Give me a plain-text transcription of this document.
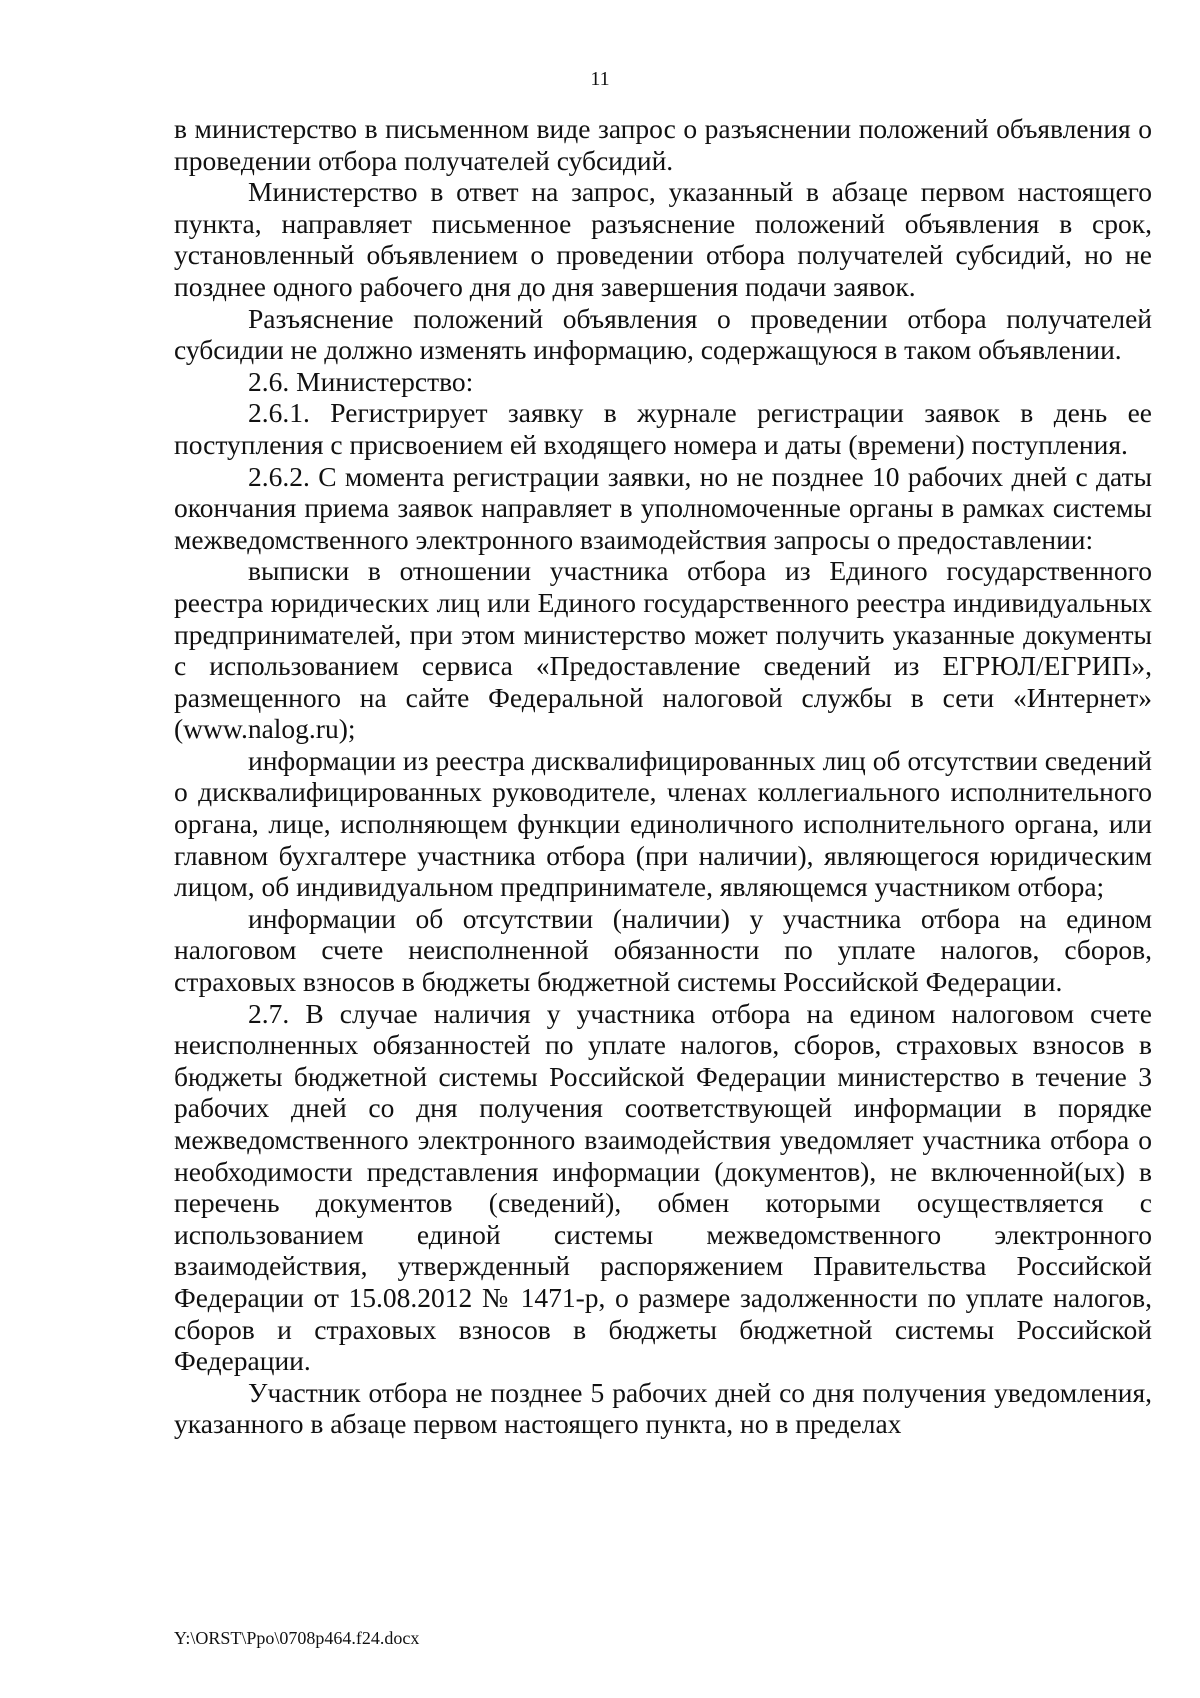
11

в министерство в письменном виде запрос о разъяснении положений объявления о проведении отбора получателей субсидий.

Министерство в ответ на запрос, указанный в абзаце первом настоящего пункта, направляет письменное разъяснение положений объявления в срок, установленный объявлением о проведении отбора получателей субсидий, но не позднее одного рабочего дня до дня завершения подачи заявок.

Разъяснение положений объявления о проведении отбора получателей субсидии не должно изменять информацию, содержащуюся в таком объявлении.

2.6. Министерство:

2.6.1. Регистрирует заявку в журнале регистрации заявок в день ее поступления с присвоением ей входящего номера и даты (времени) поступления.

2.6.2. С момента регистрации заявки, но не позднее 10 рабочих дней с даты окончания приема заявок направляет в уполномоченные органы в рамках системы межведомственного электронного взаимодействия запросы о предоставлении:

выписки в отношении участника отбора из Единого государственного реестра юридических лиц или Единого государственного реестра индивидуальных предпринимателей, при этом министерство может получить указанные документы с использованием сервиса «Предоставление сведений из ЕГРЮЛ/ЕГРИП», размещенного на сайте Федеральной налоговой службы в сети «Интернет» (www.nalog.ru);

информации из реестра дисквалифицированных лиц об отсутствии сведений о дисквалифицированных руководителе, членах коллегиального исполнительного органа, лице, исполняющем функции единоличного исполнительного органа, или главном бухгалтере участника отбора (при наличии), являющегося юридическим лицом, об индивидуальном предпринимателе, являющемся участником отбора;

информации об отсутствии (наличии) у участника отбора на едином налоговом счете неисполненной обязанности по уплате налогов, сборов, страховых взносов в бюджеты бюджетной системы Российской Федерации.

2.7. В случае наличия у участника отбора на едином налоговом счете неисполненных обязанностей по уплате налогов, сборов, страховых взносов в бюджеты бюджетной системы Российской Федерации министерство в течение 3 рабочих дней со дня получения соответствующей информации в порядке межведомственного электронного взаимодействия уведомляет участника отбора о необходимости представления информации (документов), не включенной(ых) в перечень документов (сведений), обмен которыми осуществляется с использованием единой системы межведомственного электронного взаимодействия, утвержденный распоряжением Правительства Российской Федерации от 15.08.2012 № 1471-р, о размере задолженности по уплате налогов, сборов и страховых взносов в бюджеты бюджетной системы Российской Федерации.

Участник отбора не позднее 5 рабочих дней со дня получения уведомления, указанного в абзаце первом настоящего пункта, но в пределах

Y:\ORST\Ppo\0708p464.f24.docx
